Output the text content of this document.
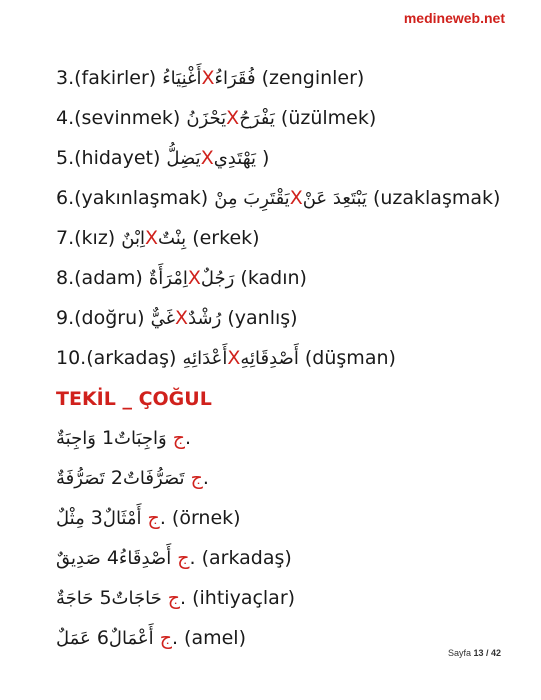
medineweb.net
3.(fakirler) أَغْنِيَاءُXفُقَرَاءُ (zenginler)
4.(sevinmek) يَحْزَنُXيَفْرَحُ (üzülmek)
5.(hidayet) يَضِلُّXيَهْتَدِي )
6.(yakınlaşmak) يَقْتَرِبَ مِنْXيَبْتَعِدَ عَنْ (uzaklaşmak)
7.(kız) اِبْنٌXبِنْتٌ (erkek)
8.(adam) اِمْرَأَةٌXرَجُلٌ (kadın)
9.(doğru) غَيٌّXرُشْدٌ (yanlış)
10.(arkadaş) أَعْدَائِهِXأَصْدِقَائِهِ (düşman)
TEKİL _ ÇOĞUL
وَاجِبَةٌ	ج وَاجِبَاتٌ1.
تَصَرُّفَةٌ	ج تَصَرُّفَاتٌ2.
مِثْلٌ	ج أَمْثَالٌ3. (örnek)
صَدِيقٌ	ج أَصْدِقَاءُ4. (arkadaş)
حَاجَةٌ	ج حَاجَاتٌ5. (ihtiyaçlar)
عَمَلٌ	ج أَعْمَالٌ6. (amel)
Sayfa 13 / 42
